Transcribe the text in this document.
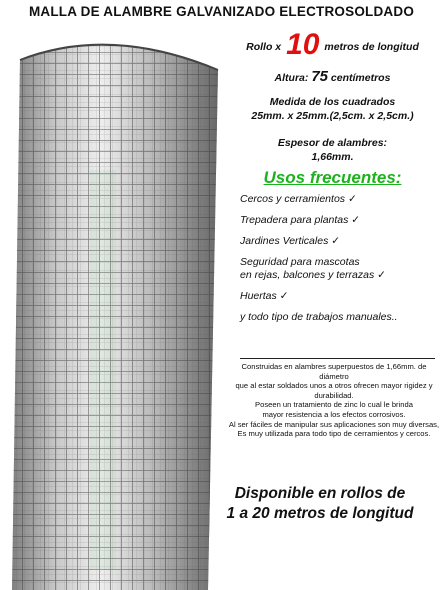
MALLA DE ALAMBRE GALVANIZADO ELECTROSOLDADO
Rollo x 10 metros de longitud
Altura: 75 centímetros
Medida de los cuadrados
25mm. x 25mm.(2,5cm. x 2,5cm.)
Espesor de alambres:
1,66mm.
Usos frecuentes:
Cercos y cerramientos ✓
Trepadera para plantas ✓
Jardines Verticales ✓
Seguridad para mascotas
en rejas, balcones y terrazas ✓
Huertas ✓
y todo tipo de trabajos manuales..
Construidas en alambres superpuestos de 1,66mm. de diámetro
que al estar soldados unos a otros ofrecen mayor rigidez y durabilidad.
Poseen un tratamiento de zinc lo cual le brinda
mayor resistencia a los efectos corrosivos.
Al ser fáciles de manipular sus aplicaciones son muy diversas,
Es muy utilizada para todo tipo de cerramientos y cercos.
Disponible en rollos de
1 a 20 metros de longitud
